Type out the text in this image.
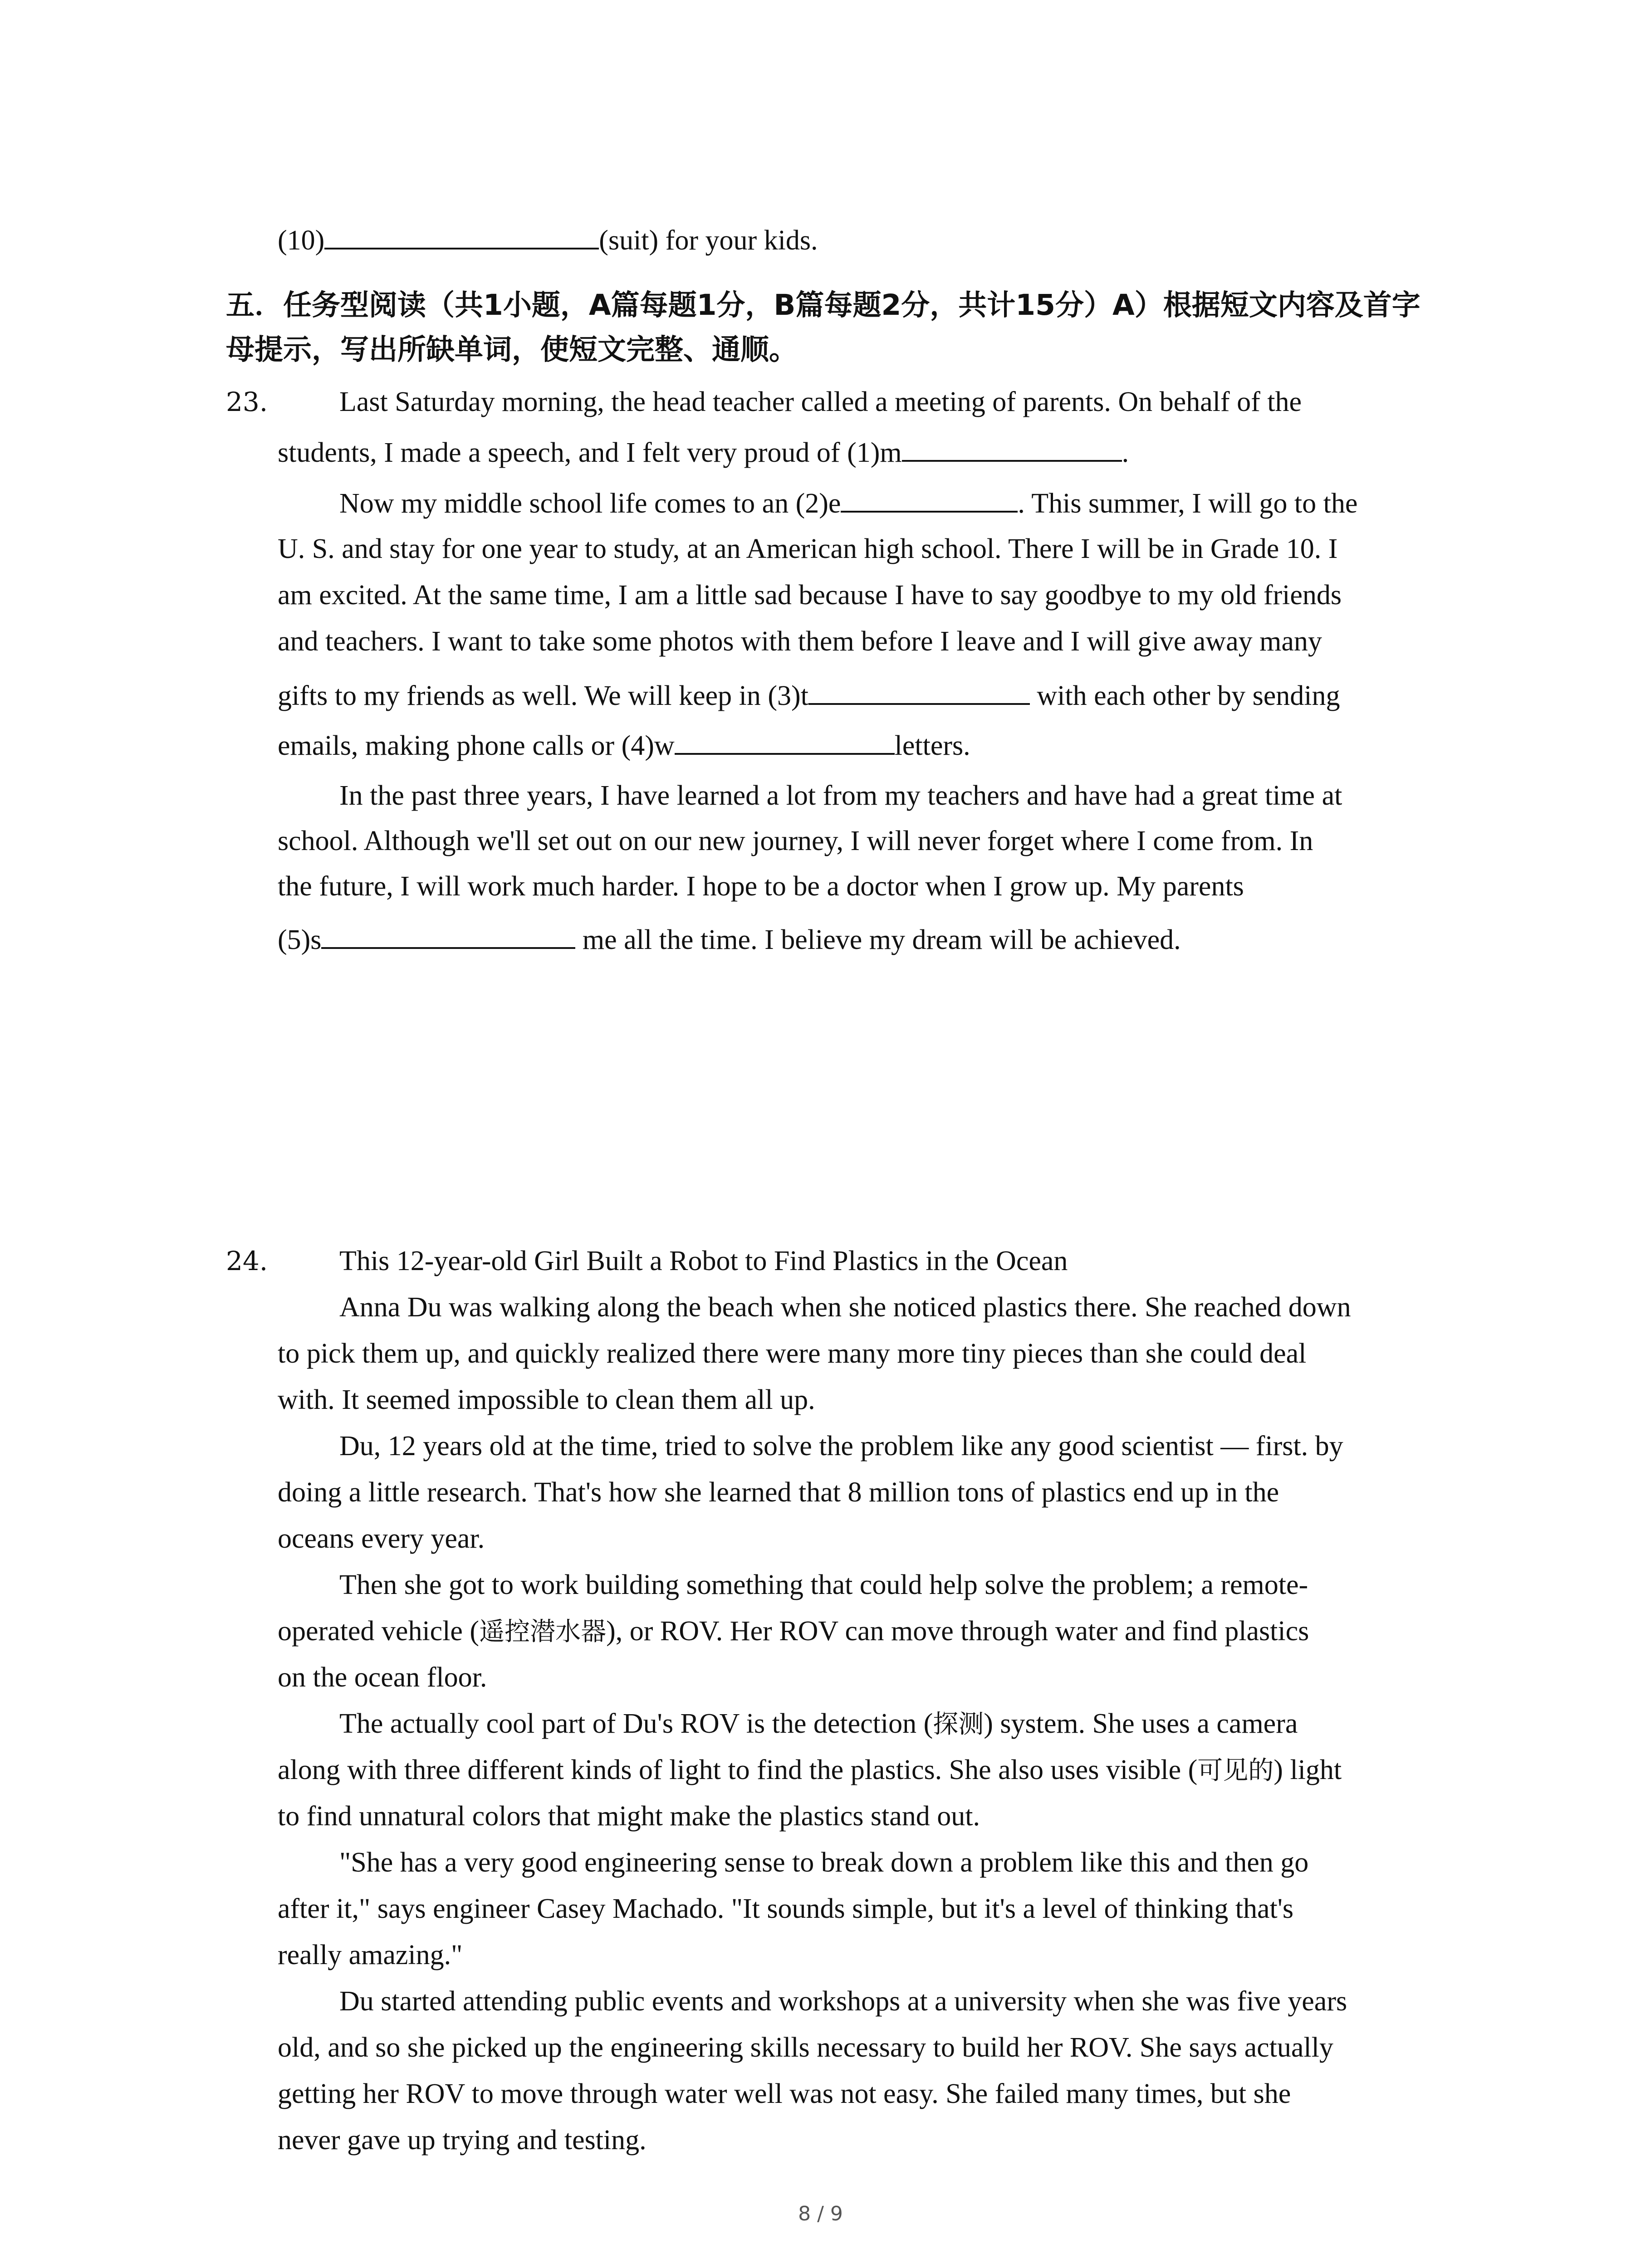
(10)	(suit) for your kids.
五．任务型阅读（共1小题，A篇每题1分，B篇每题2分，共计15分）A）根据短文内容及首字
母提示，写出所缺单词，使短文完整、通顺。
23.	Last Saturday morning, the head teacher called a meeting of parents. On behalf of the
students, I made a speech, and I felt very proud of (1)m	.
Now my middle school life comes to an (2)e	. This summer, I will go to the
U. S. and stay for one year to study, at an American high school. There I will be in Grade 10. I
am excited. At the same time, I am a little sad because I have to say goodbye to my old friends
and teachers. I want to take some photos with them before I leave and I will give away many
gifts to my friends as well. We will keep in (3)t	with each other by sending
emails, making phone calls or (4)w	letters.
In the past three years, I have learned a lot from my teachers and have had a great time at
school. Although we'll set out on our new journey, I will never forget where I come from. In
the future, I will work much harder. I hope to be a doctor when I grow up. My parents
(5)s	me all the time. I believe my dream will be achieved.
24.	This 12-year-old Girl Built a Robot to Find Plastics in the Ocean
Anna Du was walking along the beach when she noticed plastics there. She reached down
to pick them up, and quickly realized there were many more tiny pieces than she could deal
with. It seemed impossible to clean them all up.
Du, 12 years old at the time, tried to solve the problem like any good scientist — first. by
doing a little research. That's how she learned that 8 million tons of plastics end up in the
oceans every year.
Then she got to work building something that could help solve the problem; a remote-
operated vehicle (遥控潜水器), or ROV. Her ROV can move through water and find plastics
on the ocean floor.
The actually cool part of Du's ROV is the detection (探测) system. She uses a camera
along with three different kinds of light to find the plastics. She also uses visible (可见的) light
to find unnatural colors that might make the plastics stand out.
"She has a very good engineering sense to break down a problem like this and then go
after it," says engineer Casey Machado. "It sounds simple, but it's a level of thinking that's
really amazing."
Du started attending public events and workshops at a university when she was five years
old, and so she picked up the engineering skills necessary to build her ROV. She says actually
getting her ROV to move through water well was not easy. She failed many times, but she
never gave up trying and testing.
8 / 9
